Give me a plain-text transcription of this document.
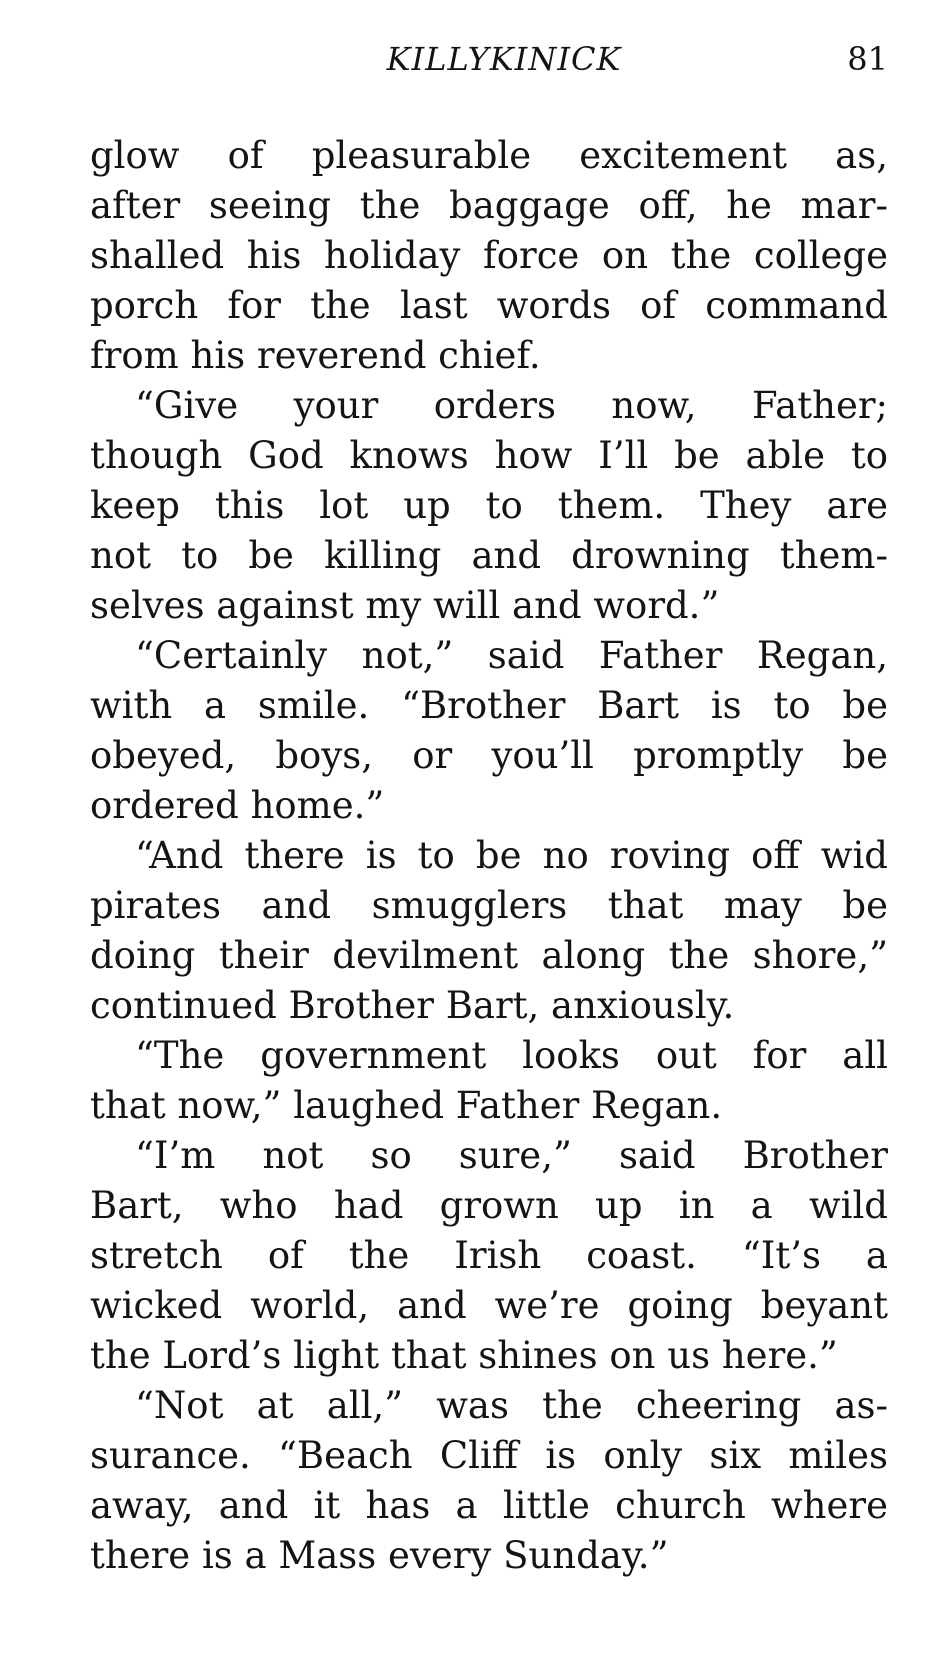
KILLYKINICK	81
glow of pleasurable excitement as,
after seeing the baggage off, he mar-
shalled his holiday force on the college
porch for the last words of command
from his reverend chief.
“Give your orders now, Father;
though God knows how I’ll be able to
keep this lot up to them. They are
not to be killing and drowning them-
selves against my will and word.”
“Certainly not,” said Father Regan,
with a smile. “Brother Bart is to be
obeyed, boys, or you’ll promptly be
ordered home.”
“And there is to be no roving off wid
pirates and smugglers that may be
doing their devilment along the shore,”
continued Brother Bart, anxiously.
“The government looks out for all
that now,” laughed Father Regan.
“I’m not so sure,” said Brother
Bart, who had grown up in a wild
stretch of the Irish coast. “It’s a
wicked world, and we’re going beyant
the Lord’s light that shines on us here.”
“Not at all,” was the cheering as-
surance. “Beach Cliff is only six miles
away, and it has a little church where
there is a Mass every Sunday.”
